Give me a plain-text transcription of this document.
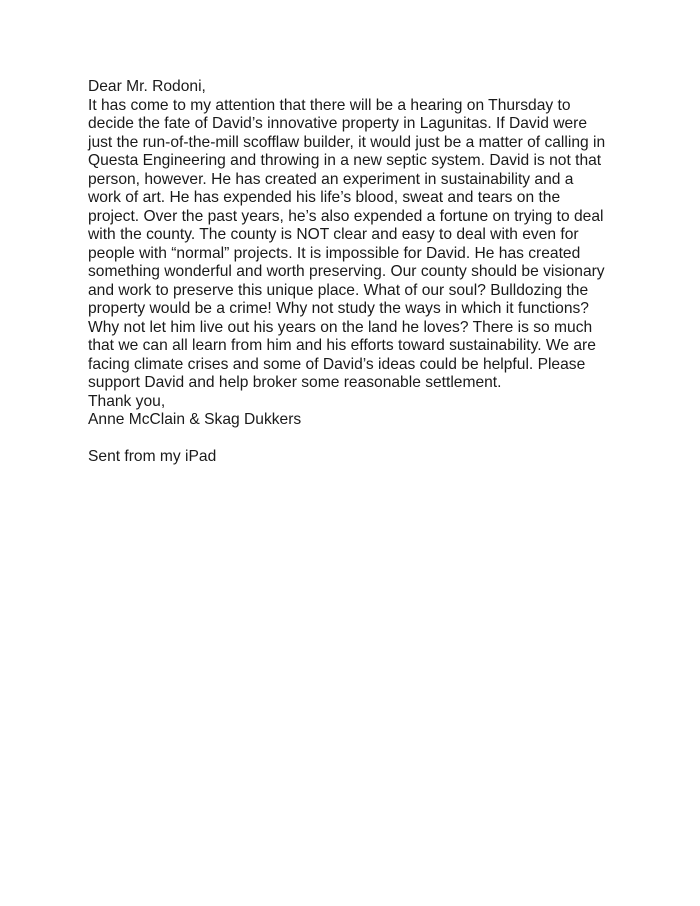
Dear Mr. Rodoni,
It has come to my attention that there will be a hearing on Thursday to
decide the fate of David’s innovative property in Lagunitas. If David were
just the run-of-the-mill scofflaw builder, it would just be a matter of calling in
Questa Engineering and throwing in a new septic system. David is not that
person, however. He has created an experiment in sustainability and a
work of art. He has expended his life’s blood, sweat and tears on the
project. Over the past years, he’s also expended a fortune on trying to deal
with the county. The county is NOT clear and easy to deal with even for
people with “normal” projects. It is impossible for David. He has created
something wonderful and worth preserving. Our county should be visionary
and work to preserve this unique place. What of our soul? Bulldozing the
property would be a crime! Why not study the ways in which it functions?
Why not let him live out his years on the land he loves? There is so much
that we can all learn from him and his efforts toward sustainability. We are
facing climate crises and some of David’s ideas could be helpful. Please
support David and help broker some reasonable settlement.
Thank you,
Anne McClain & Skag Dukkers
Sent from my iPad
